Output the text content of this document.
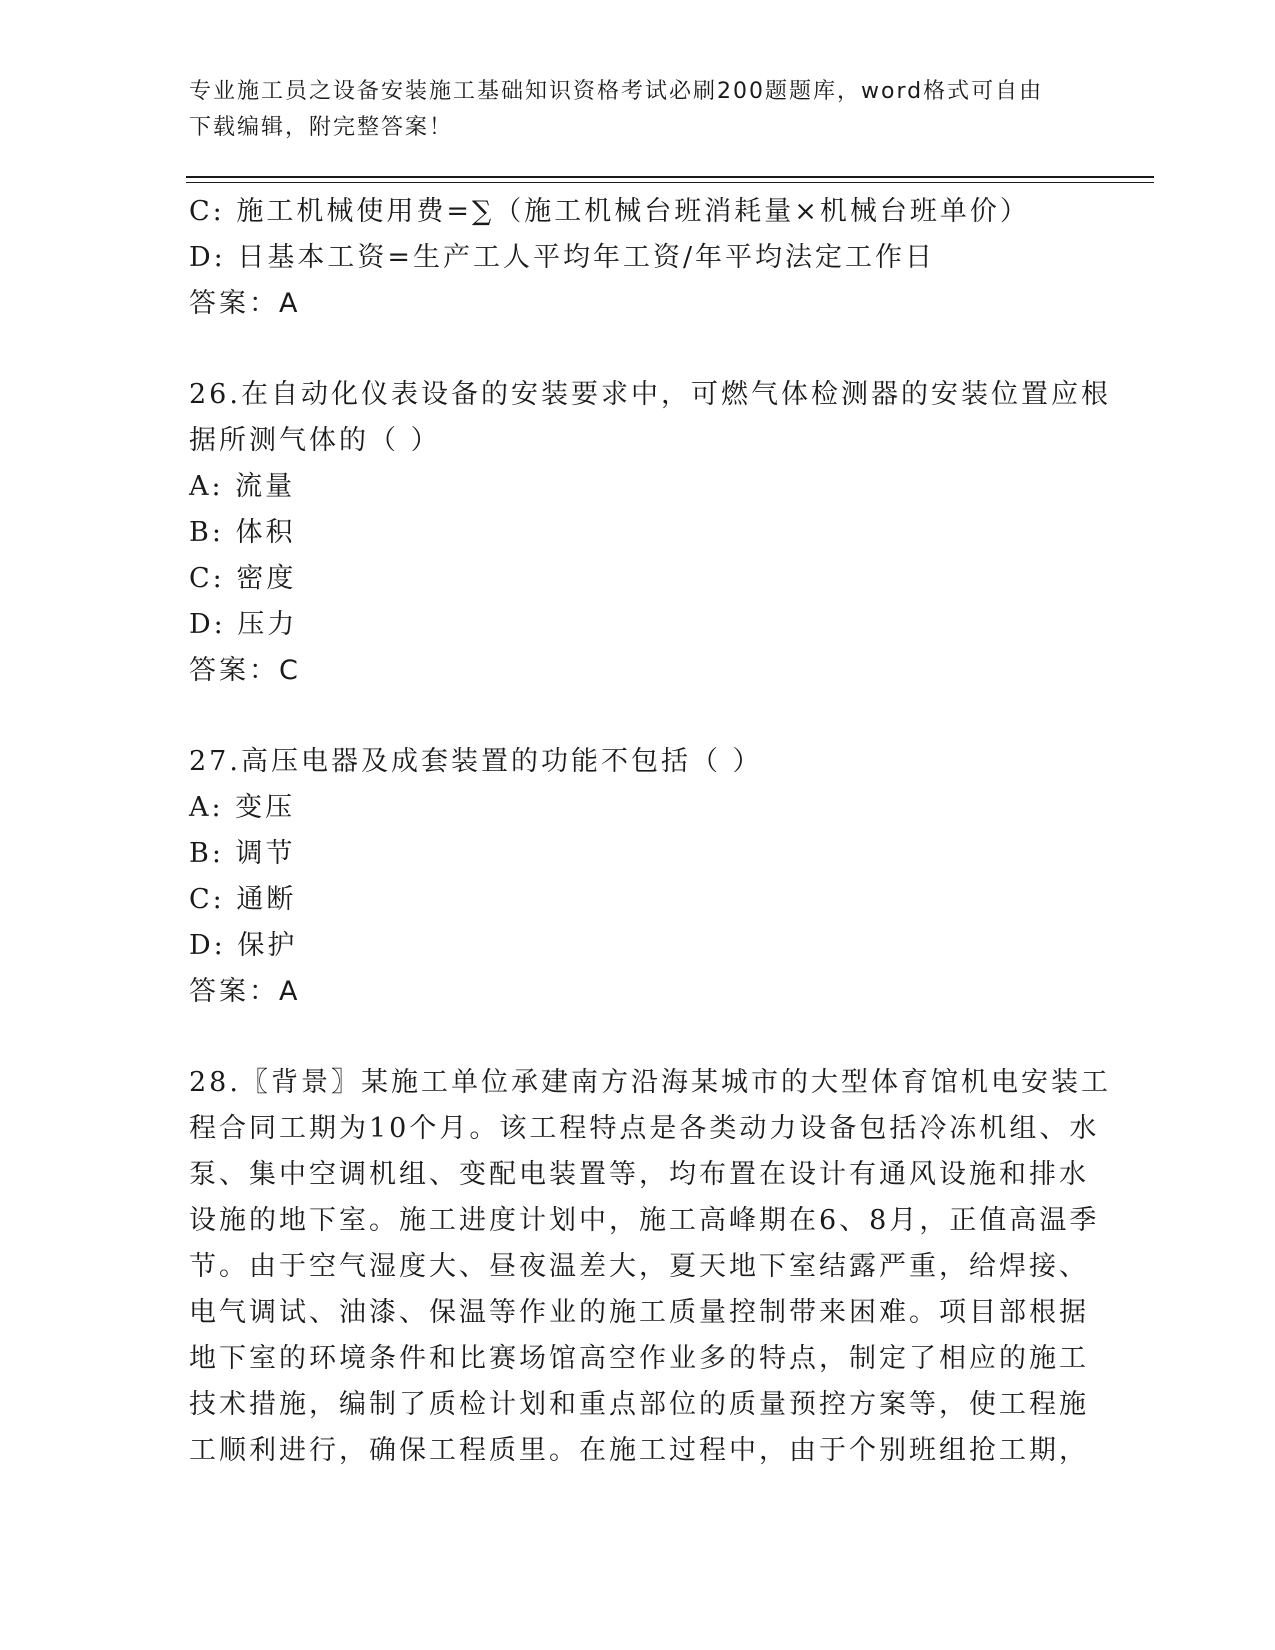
专业施工员之设备安装施工基础知识资格考试必刷200题题库，word格式可自由
下载编辑，附完整答案！
C: 施工机械使用费=∑（施工机械台班消耗量×机械台班单价）
D: 日基本工资=生产工人平均年工资/年平均法定工作日
答案：A
26.在自动化仪表设备的安装要求中，可燃气体检测器的安装位置应根
据所测气体的（ ）
A: 流量
B: 体积
C: 密度
D: 压力
答案：C
27.高压电器及成套装置的功能不包括（ ）
A: 变压
B: 调节
C: 通断
D: 保护
答案：A
28.〖背景〗某施工单位承建南方沿海某城市的大型体育馆机电安装工
程合同工期为10个月。该工程特点是各类动力设备包括冷冻机组、水
泵、集中空调机组、变配电装置等，均布置在设计有通风设施和排水
设施的地下室。施工进度计划中，施工高峰期在6、8月，正值高温季
节。由于空气湿度大、昼夜温差大，夏天地下室结露严重，给焊接、
电气调试、油漆、保温等作业的施工质量控制带来困难。项目部根据
地下室的环境条件和比赛场馆高空作业多的特点，制定了相应的施工
技术措施，编制了质检计划和重点部位的质量预控方案等，使工程施
工顺利进行，确保工程质里。在施工过程中，由于个别班组抢工期，
